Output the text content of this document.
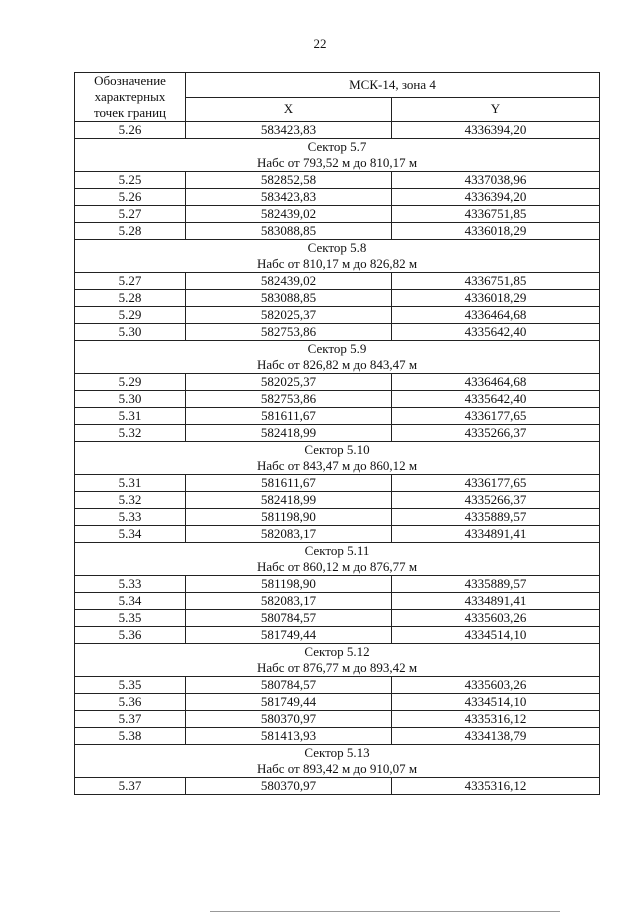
22
Обозначение характерных точек границ	МСК-14, зона 4	
	X	Y
5.26	583423,83	4336394,20

Сектор 5.7
Набс от 793,52 м до 810,17 м		

5.25	582852,58	4337038,96
5.26	583423,83	4336394,20
5.27	582439,02	4336751,85
5.28	583088,85	4336018,29

Сектор 5.8
Набс от 810,17 м до 826,82 м		

5.27	582439,02	4336751,85
5.28	583088,85	4336018,29
5.29	582025,37	4336464,68
5.30	582753,86	4335642,40

Сектор 5.9
Набс от 826,82 м до 843,47 м		

5.29	582025,37	4336464,68
5.30	582753,86	4335642,40
5.31	581611,67	4336177,65
5.32	582418,99	4335266,37

Сектор 5.10
Набс от 843,47 м до 860,12 м		

5.31	581611,67	4336177,65
5.32	582418,99	4335266,37
5.33	581198,90	4335889,57
5.34	582083,17	4334891,41

Сектор 5.11
Набс от 860,12 м до 876,77 м		

5.33	581198,90	4335889,57
5.34	582083,17	4334891,41
5.35	580784,57	4335603,26
5.36	581749,44	4334514,10

Сектор 5.12
Набс от 876,77 м до 893,42 м		

5.35	580784,57	4335603,26
5.36	581749,44	4334514,10
5.37	580370,97	4335316,12
5.38	581413,93	4334138,79

Сектор 5.13
Набс от 893,42 м до 910,07 м		

5.37	580370,97	4335316,12
